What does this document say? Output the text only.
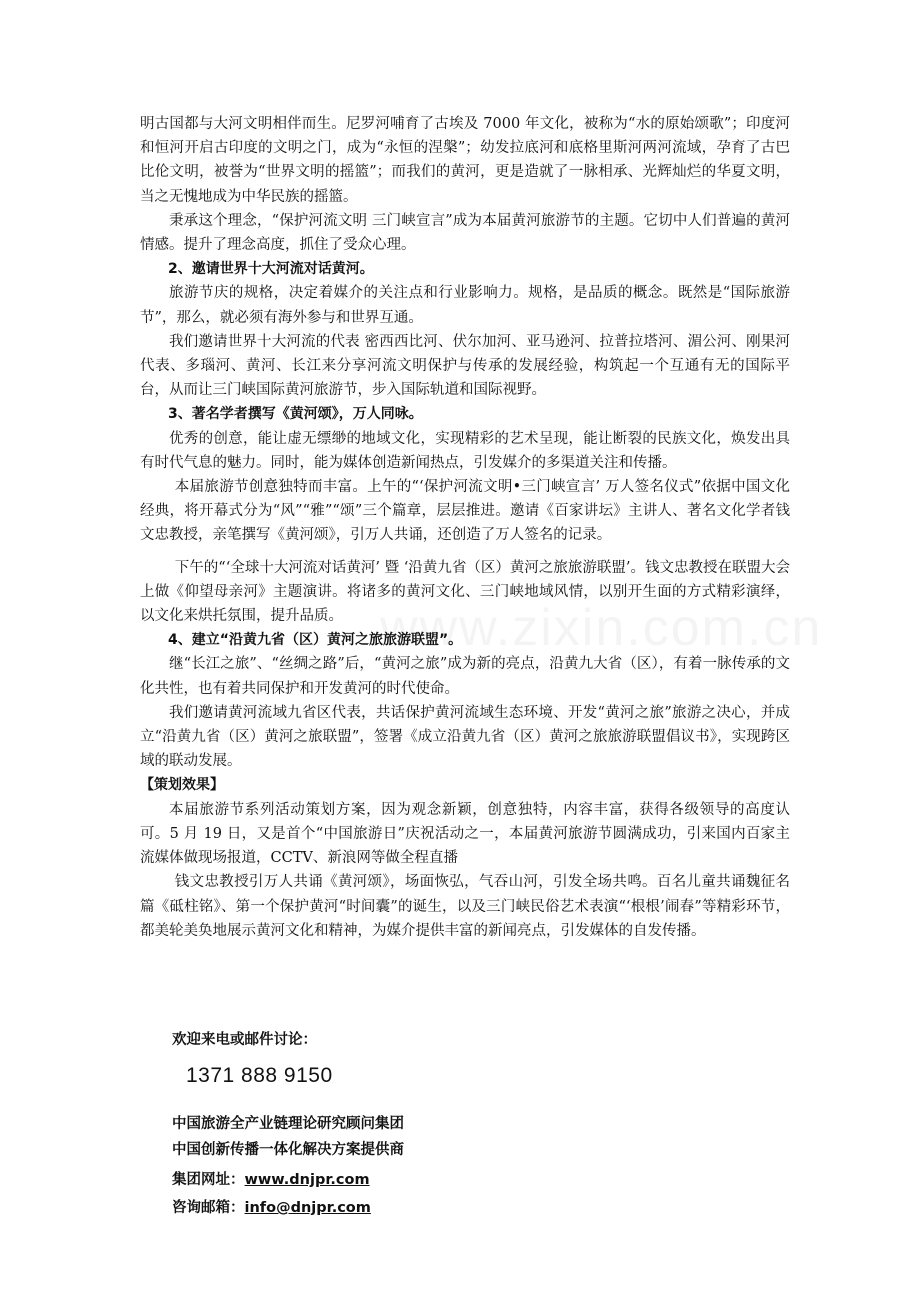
www.zixin.com.cn

明古国都与大河文明相伴而生。尼罗河哺育了古埃及 7000 年文化，被称为“水的原始颂歌”；印度河和恒河开启古印度的文明之门，成为“永恒的涅槃”；幼发拉底河和底格里斯河两河流域，孕育了古巴比伦文明，被誉为“世界文明的摇篮”；而我们的黄河，更是造就了一脉相承、光辉灿烂的华夏文明，当之无愧地成为中华民族的摇篮。

秉承这个理念，“保护河流文明 三门峡宣言”成为本届黄河旅游节的主题。它切中人们普遍的黄河情感。提升了理念高度，抓住了受众心理。

2、邀请世界十大河流对话黄河。

旅游节庆的规格，决定着媒介的关注点和行业影响力。规格，是品质的概念。既然是“国际旅游节”，那么，就必须有海外参与和世界互通。

我们邀请世界十大河流的代表 密西西比河、伏尔加河、亚马逊河、拉普拉塔河、湄公河、刚果河代表、多瑙河、黄河、长江来分享河流文明保护与传承的发展经验，构筑起一个互通有无的国际平台，从而让三门峡国际黄河旅游节，步入国际轨道和国际视野。

3、著名学者撰写《黄河颂》，万人同咏。

优秀的创意，能让虚无缥缈的地域文化，实现精彩的艺术呈现，能让断裂的民族文化，焕发出具有时代气息的魅力。同时，能为媒体创造新闻热点，引发媒介的多渠道关注和传播。

本届旅游节创意独特而丰富。上午的“‘保护河流文明•三门峡宣言’ 万人签名仪式”依据中国文化经典，将开幕式分为“风”“雅”“颂”三个篇章，层层推进。邀请《百家讲坛》主讲人、著名文化学者钱文忠教授，亲笔撰写《黄河颂》，引万人共诵，还创造了万人签名的记录。

下午的“‘全球十大河流对话黄河’ 暨 ‘沿黄九省（区）黄河之旅旅游联盟’。钱文忠教授在联盟大会上做《仰望母亲河》主题演讲。将诸多的黄河文化、三门峡地域风情，以别开生面的方式精彩演绎，以文化来烘托氛围，提升品质。

4、建立“沿黄九省（区）黄河之旅旅游联盟”。

继“长江之旅”、“丝绸之路”后，“黄河之旅”成为新的亮点，沿黄九大省（区），有着一脉传承的文化共性，也有着共同保护和开发黄河的时代使命。

我们邀请黄河流域九省区代表，共话保护黄河流域生态环境、开发“黄河之旅”旅游之决心，并成立“沿黄九省（区）黄河之旅联盟”，签署《成立沿黄九省（区）黄河之旅旅游联盟倡议书》，实现跨区域的联动发展。

【策划效果】

本届旅游节系列活动策划方案，因为观念新颖，创意独特，内容丰富，获得各级领导的高度认可。5 月 19 日，又是首个“中国旅游日”庆祝活动之一，本届黄河旅游节圆满成功，引来国内百家主流媒体做现场报道，CCTV、新浪网等做全程直播

钱文忠教授引万人共诵《黄河颂》，场面恢弘，气吞山河，引发全场共鸣。百名儿童共诵魏征名篇《砥柱铭》、第一个保护黄河“时间囊”的诞生，以及三门峡民俗艺术表演“‘根根’闹春”等精彩环节，都美轮美奂地展示黄河文化和精神，为媒介提供丰富的新闻亮点，引发媒体的自发传播。

欢迎来电或邮件讨论：
1371 888 9150
中国旅游全产业链理论研究顾问集团
中国创新传播一体化解决方案提供商
集团网址：www.dnjpr.com
咨询邮箱：info@dnjpr.com
